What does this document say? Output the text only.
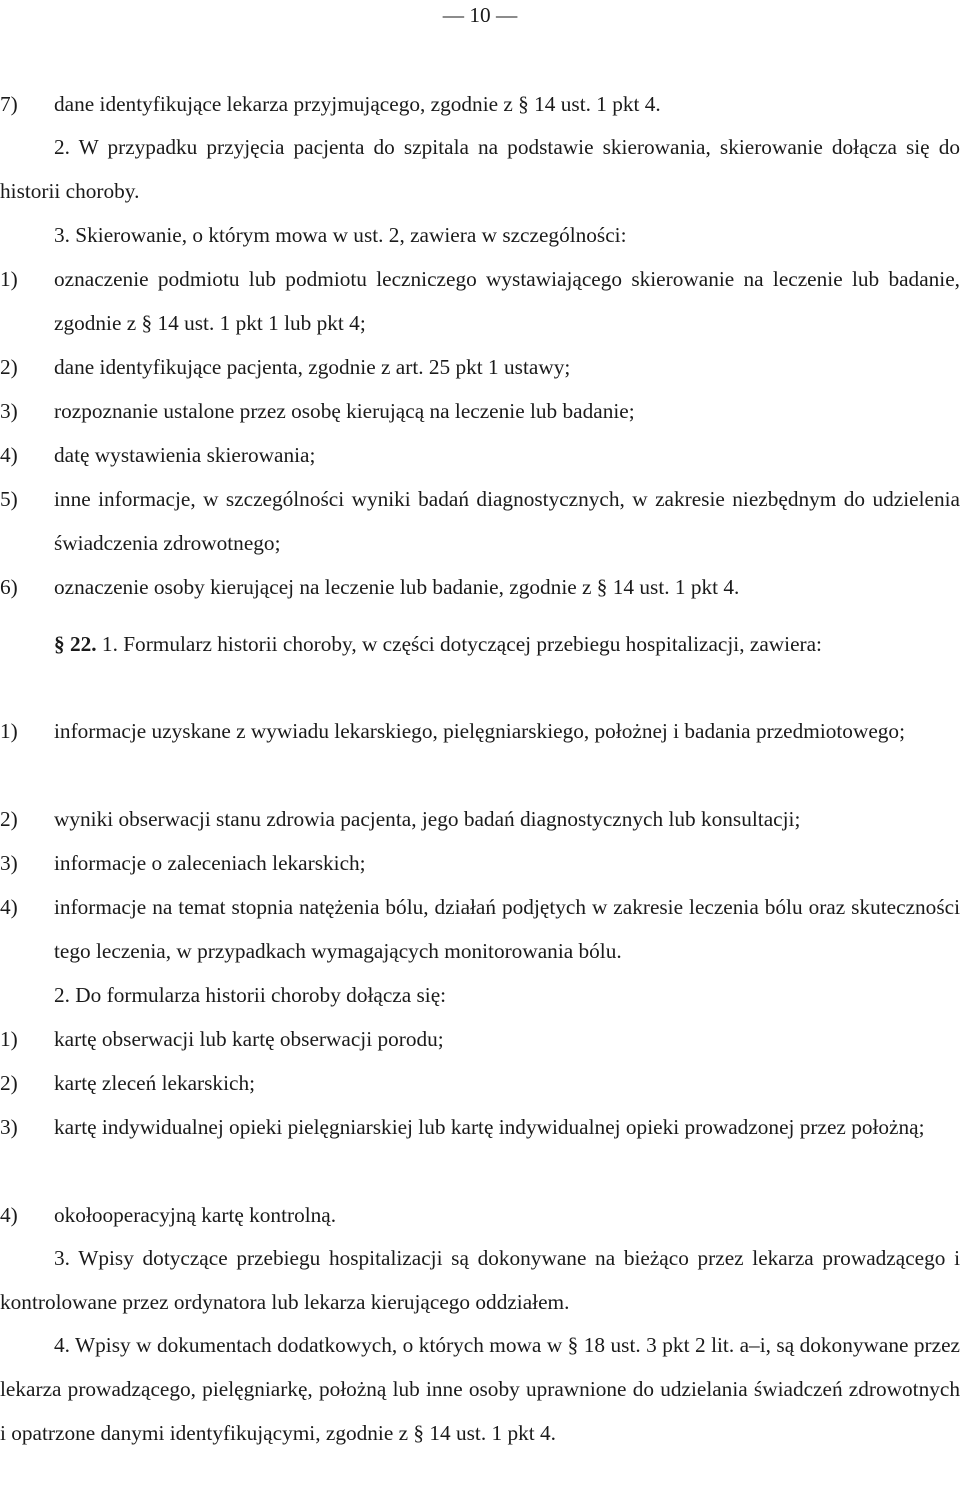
— 10 —
7)	dane identyfikujące lekarza przyjmującego, zgodnie z § 14 ust. 1 pkt 4.
2. W przypadku przyjęcia pacjenta do szpitala na podstawie skierowania, skierowanie dołącza się do historii choroby.
3. Skierowanie, o którym mowa w ust. 2, zawiera w szczególności:
1)	oznaczenie podmiotu lub podmiotu leczniczego wystawiającego skierowanie na leczenie lub badanie, zgodnie z § 14 ust. 1 pkt 1 lub pkt 4;
2)	dane identyfikujące pacjenta, zgodnie z art. 25 pkt 1 ustawy;
3)	rozpoznanie ustalone przez osobę kierującą na leczenie lub badanie;
4)	datę wystawienia skierowania;
5)	inne informacje, w szczególności wyniki badań diagnostycznych, w zakresie niezbędnym do udzielenia świadczenia zdrowotnego;
6)	oznaczenie osoby kierującej na leczenie lub badanie, zgodnie z § 14 ust. 1 pkt 4.
§ 22. 1. Formularz historii choroby, w części dotyczącej przebiegu hospitalizacji, zawiera:
1)	informacje uzyskane z wywiadu lekarskiego, pielęgniarskiego, położnej i badania przedmiotowego;
2)	wyniki obserwacji stanu zdrowia pacjenta, jego badań diagnostycznych lub konsultacji;
3)	informacje o zaleceniach lekarskich;
4)	informacje na temat stopnia natężenia bólu, działań podjętych w zakresie leczenia bólu oraz skuteczności tego leczenia, w przypadkach wymagających monitorowania bólu.
2. Do formularza historii choroby dołącza się:
1)	kartę obserwacji lub kartę obserwacji porodu;
2)	kartę zleceń lekarskich;
3)	kartę indywidualnej opieki pielęgniarskiej lub kartę indywidualnej opieki prowadzonej przez położną;
4)	okołooperacyjną kartę kontrolną.
3. Wpisy dotyczące przebiegu hospitalizacji są dokonywane na bieżąco przez lekarza prowadzącego i kontrolowane przez ordynatora lub lekarza kierującego oddziałem.
4. Wpisy w dokumentach dodatkowych, o których mowa w § 18 ust. 3 pkt 2 lit. a–i, są dokonywane przez lekarza prowadzącego, pielęgniarkę, położną lub inne osoby uprawnione do udzielania świadczeń zdrowotnych i opatrzone danymi identyfikującymi, zgodnie z § 14 ust. 1 pkt 4.
